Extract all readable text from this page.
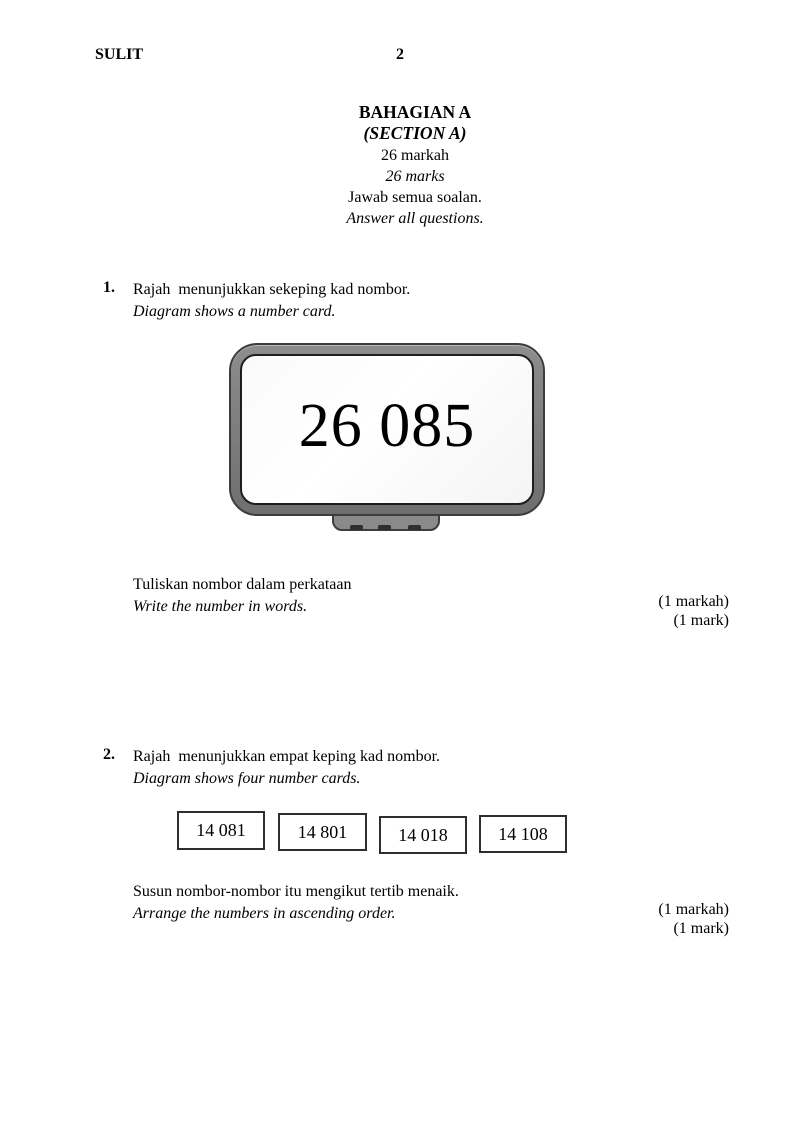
SULIT	2
BAHAGIAN A
(SECTION A)
26 markah
26 marks
Jawab semua soalan.
Answer all questions.
1. Rajah  menunjukkan sekeping kad nombor.
Diagram shows a number card.
26 085
Tuliskan nombor dalam perkataan
Write the number in words.	(1 markah)
(1 mark)
2. Rajah  menunjukkan empat keping kad nombor.
Diagram shows four number cards.
14 081	14 801	14 018	14 108
Susun nombor-nombor itu mengikut tertib menaik.
Arrange the numbers in ascending order.	(1 markah)
(1 mark)
